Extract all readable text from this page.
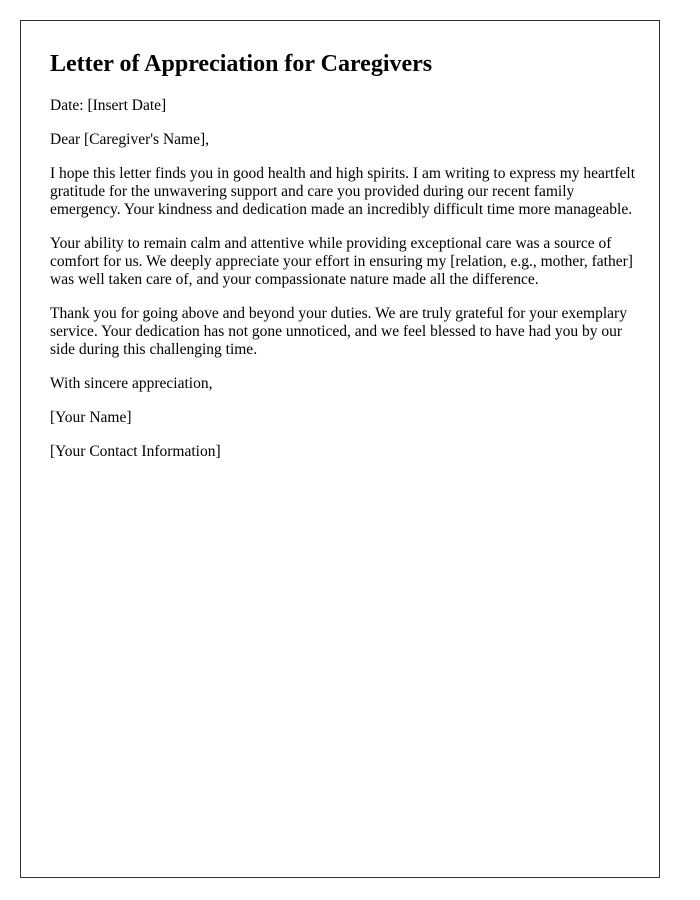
Letter of Appreciation for Caregivers

Date: [Insert Date]

Dear [Caregiver's Name],

I hope this letter finds you in good health and high spirits. I am writing to express my heartfelt gratitude for the unwavering support and care you provided during our recent family emergency. Your kindness and dedication made an incredibly difficult time more manageable.

Your ability to remain calm and attentive while providing exceptional care was a source of comfort for us. We deeply appreciate your effort in ensuring my [relation, e.g., mother, father] was well taken care of, and your compassionate nature made all the difference.

Thank you for going above and beyond your duties. We are truly grateful for your exemplary service. Your dedication has not gone unnoticed, and we feel blessed to have had you by our side during this challenging time.

With sincere appreciation,

[Your Name]

[Your Contact Information]
